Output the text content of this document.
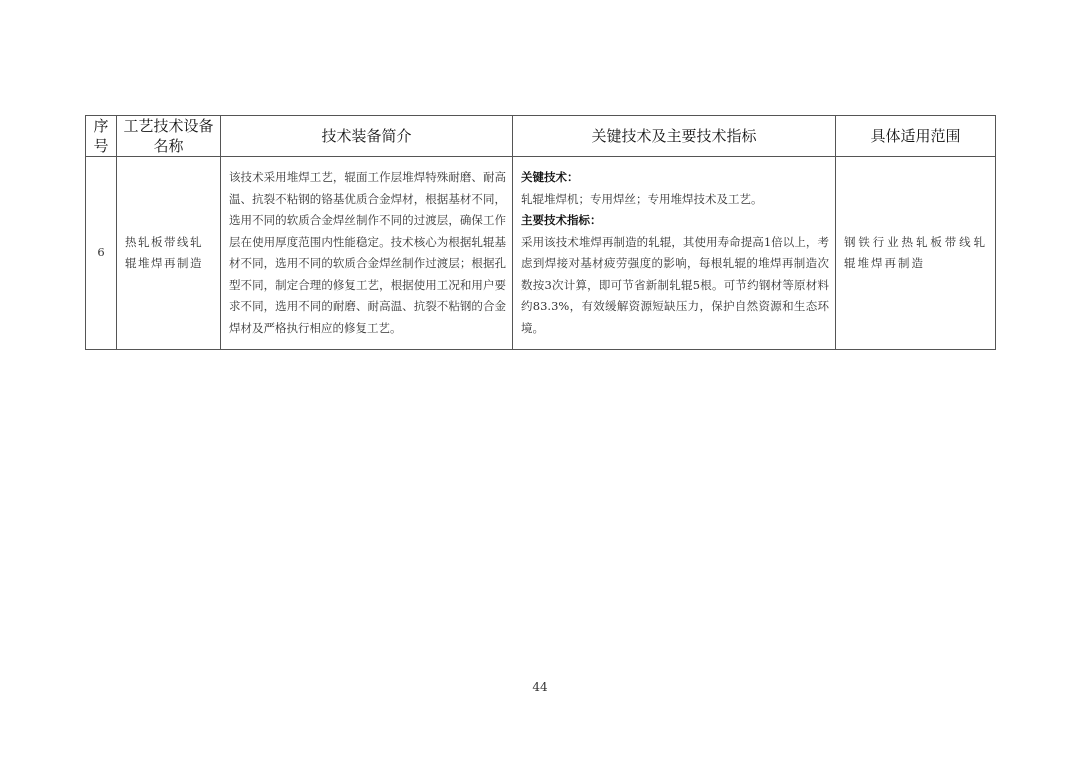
序号	工艺技术设备名称	技术装备简介	关键技术及主要技术指标	具体适用范围
6	热轧板带线轧辊堆焊再制造	该技术采用堆焊工艺，辊面工作层堆焊特殊耐磨、耐高温、抗裂不粘钢的铬基优质合金焊材，根据基材不同，选用不同的软质合金焊丝制作不同的过渡层，确保工作层在使用厚度范围内性能稳定。技术核心为根据轧辊基材不同，选用不同的软质合金焊丝制作过渡层；根据孔型不同，制定合理的修复工艺，根据使用工况和用户要求不同，选用不同的耐磨、耐高温、抗裂不粘钢的合金焊材及严格执行相应的修复工艺。	关键技术：
轧辊堆焊机；专用焊丝；专用堆焊技术及工艺。
主要技术指标：
采用该技术堆焊再制造的轧辊，其使用寿命提高1倍以上，考虑到焊接对基材疲劳强度的影响，每根轧辊的堆焊再制造次数按3次计算，即可节省新制轧辊5根。可节约钢材等原材料约83.3%，有效缓解资源短缺压力，保护自然资源和生态环境。	钢铁行业热轧板带线轧辊堆焊再制造
44
